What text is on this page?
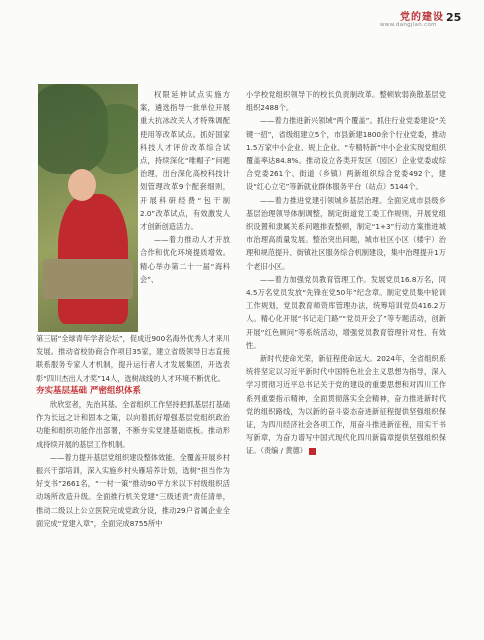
党的建设
www.dangjian.com
25

权限延伸试点实施方案，遴选指导一批单位开展重大抗冰改关人才特殊调配使用等改革试点。抓好国家科技人才评价改革综合试点，持续深化“唯帽子”问题治理，出台深化高校科技计划管理改革9个配套细则，开展科研经费“包干制2.0”改革试点，有效激发人才创新创造活力。

——着力推动人才开放合作和优化环境提质增效。精心举办第二十一届“海科会”、

第三届“全球青年学者论坛”，促成近900名海外优秀人才来川发展。推动省校协商合作项目35家，建立省级领导日志直接联系服务专家人才机制，提升运行者人才发展集团，开选表彰“四川杰出人才奖”14人，选树战线的人才环境不断优化。

夯实基层基础 严密组织体系

欣欣室者，先治其基。全省组织工作坚持把抓基层打基础作为长远之计和固本之策，以向着抓好增强基层党组织政治功能和组织功能作出部署，不断夯实党建基础底板。推动形成持续开展的基层工作机制。

——着力提升基层党组织建设整体效能。全覆盖开展乡村振兴干部培训，深入实施乡村头雁培养计划，选树“担当作为好支书”2661名，“一村一策”推动90平方米以下村级组织活动场所改造升级。全面推行机关党建“三级述责”责任清单，推动二级以上公立医院完成党政分设，推动29户省属企业全面完成“党建入章”，全面完成8755所中

小学校党组织领导下的校长负责制改革。整顿软弱涣散基层党组织2488个。

——着力推进新兴领域“两个覆盖”。抓住行业党委建设“关键一招”，省级组建立5个，市县新建1800余个行业党委，推动1.5万家中小企业、规上企业、“专精特新”中小企业实现党组织覆盖率达84.8%。推动设立各类开发区（园区）企业党委或综合党委261个、街道（乡镇）两新组织综合党委492个，建设“红心立宅”等新就业群体服务平台（站点）5144个。

——着力推进党建引领城乡基层治理。全面完成市县级乡基层治理领导体制调整，制定街道党工委工作规则，开展党组织设置和隶属关系问题排查整顿，制定“1+3”行动方案推进城市治理高质量发展。整治突出问题，城市社区小区（楼宇）治理和规范提升、街镇社区服务综合机制建设，集中治理提升1万个老旧小区。

——着力加强党员教育管理工作。发展党员16.8万名，同4.5万名党员发放“先锋在党50年”纪念章。制定党员集中轮训工作规划，党员教育师资库管理办法，统筹培训党员416.2万人。精心化开展“书记走门路”“党员开会了”等专题活动，创新开展“红色顾问”等系统活动，增强党员教育管理针对性、有效性。

新时代使命光荣，新征程使命远大。2024年，全省组织系统将坚定以习近平新时代中国特色社会主义思想为指导，深入学习贯彻习近平总书记关于党的建设的重要思想和对四川工作系列重要指示精神，全面贯彻落实全会精神，奋力推进新时代党的组织路线，为以新的奋斗姿态奋进新征程提供坚强组织保证，为四川经济社会各项工作，用奋斗推进新征程，用实干书写新章，为奋力谱写中国式现代化四川新篇章提供坚强组织保证。（责编 / 黄德）
